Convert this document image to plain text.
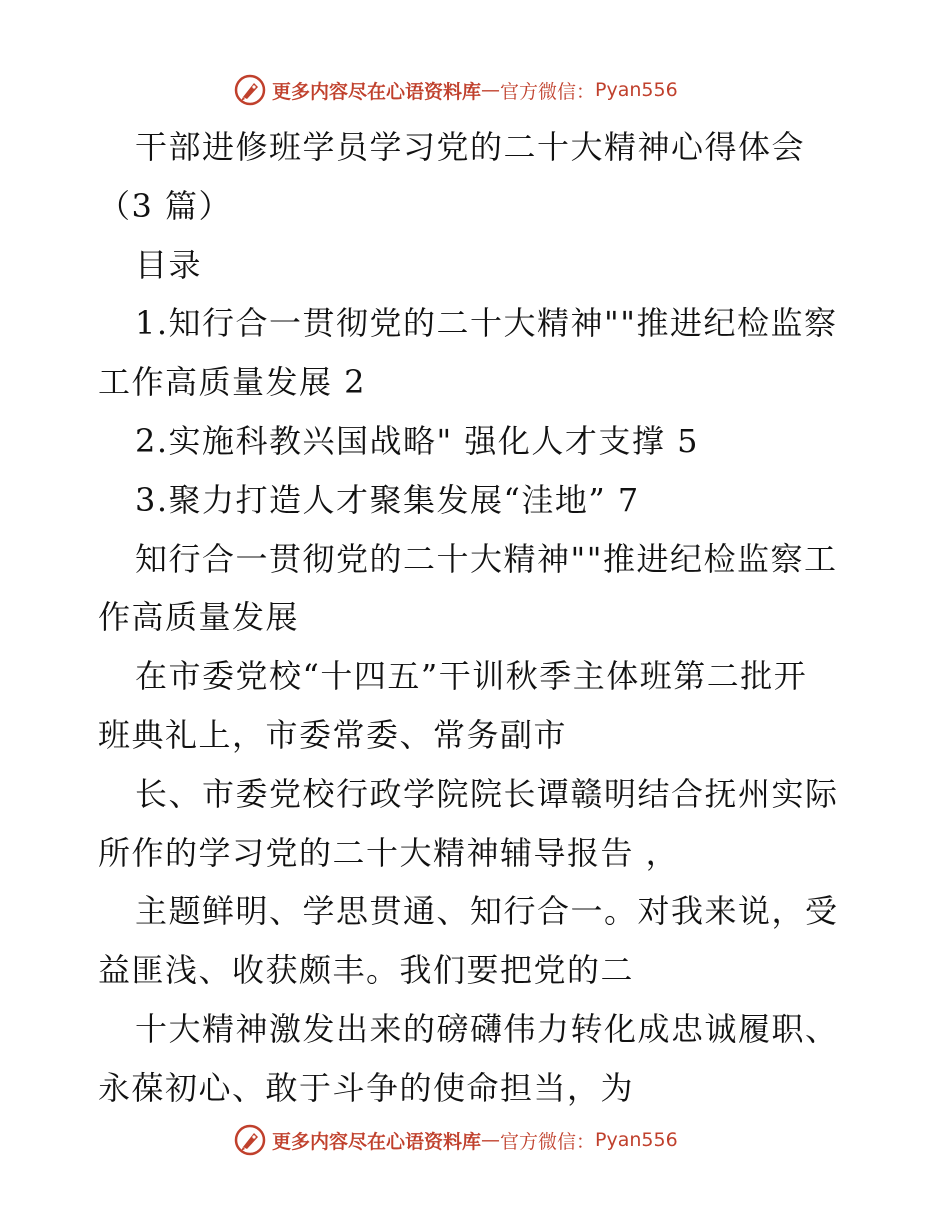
更多内容尽在心语资料库 — 官方微信： Pyan556
干部进修班学员学习党的二十大精神心得体会
（3 篇）
目录
1.知行合一贯彻党的二十大精神""推进纪检监察
工作高质量发展 2
2.实施科教兴国战略" 强化人才支撑 5
3.聚力打造人才聚集发展“洼地” 7
知行合一贯彻党的二十大精神""推进纪检监察工
作高质量发展
在市委党校“十四五”干训秋季主体班第二批开
班典礼上，市委常委、常务副市
长、市委党校行政学院院长谭赣明结合抚州实际
所作的学习党的二十大精神辅导报告 ，
主题鲜明、学思贯通、知行合一。对我来说，受
益匪浅、收获颇丰。我们要把党的二
十大精神激发出来的磅礴伟力转化成忠诚履职、
永葆初心、敢于斗争的使命担当，为
更多内容尽在心语资料库 — 官方微信： Pyan556
